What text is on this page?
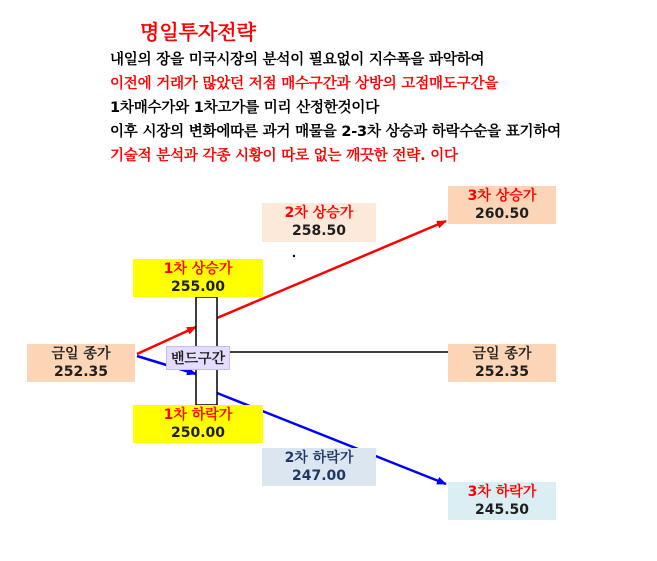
명일투자전략
내일의 장을 미국시장의 분석이 필요없이 지수폭을 파악하여
이전에 거래가 많았던 저점 매수구간과 상방의 고점매도구간을
1차매수가와 1차고가를 미리 산정한것이다
이후 시장의 변화에따른 과거 매물을 2-3차 상승과 하락수순을 표기하여
기술적 분석과 각종 시황이 따로 없는 깨끗한 전략. 이다
금일 종가
252.35
1차 상승가
255.00
2차 상승가
258.50
3차 상승가
260.50
금일 종가
252.35
1차 하락가
250.00
2차 하락가
247.00
3차 하락가
245.50
밴드구간
